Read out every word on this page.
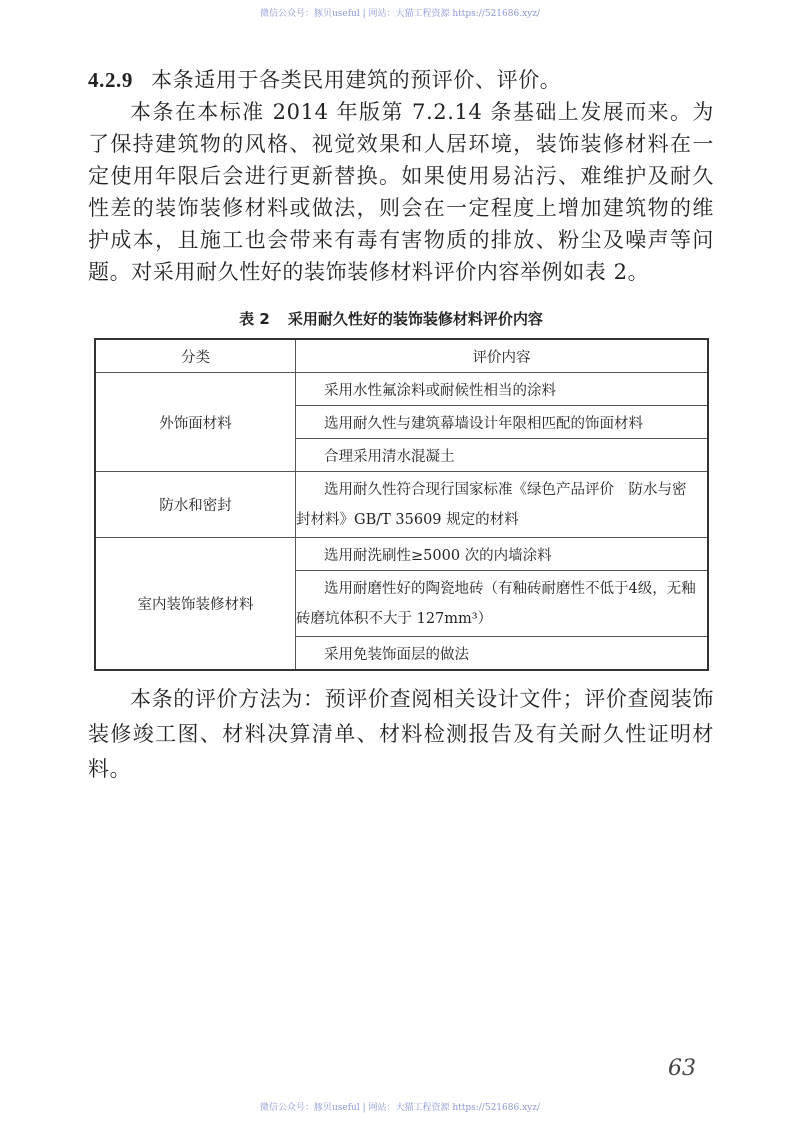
微信公众号：豚贝useful | 网站：大猫工程资源 https://521686.xyz/

4.2.9 本条适用于各类民用建筑的预评价、评价。

本条在本标准 2014 年版第 7.2.14 条基础上发展而来。为了保持建筑物的风格、视觉效果和人居环境，装饰装修材料在一定使用年限后会进行更新替换。如果使用易沾污、难维护及耐久性差的装饰装修材料或做法，则会在一定程度上增加建筑物的维护成本，且施工也会带来有毒有害物质的排放、粉尘及噪声等问题。对采用耐久性好的装饰装修材料评价内容举例如表 2。

表 2 采用耐久性好的装饰装修材料评价内容
分类	评价内容
外饰面材料	采用水性氟涂料或耐候性相当的涂料
	选用耐久性与建筑幕墙设计年限相匹配的饰面材料
	合理采用清水混凝土
防水和密封	选用耐久性符合现行国家标准《绿色产品评价　防水与密封材料》GB/T 35609 规定的材料
室内装饰装修材料	选用耐洗刷性≥5000 次的内墙涂料
	选用耐磨性好的陶瓷地砖（有釉砖耐磨性不低于4级，无釉砖磨坑体积不大于 127mm³）
	采用免装饰面层的做法

本条的评价方法为：预评价查阅相关设计文件；评价查阅装饰装修竣工图、材料决算清单、材料检测报告及有关耐久性证明材料。

63
微信公众号：豚贝useful | 网站：大猫工程资源 https://521686.xyz/
